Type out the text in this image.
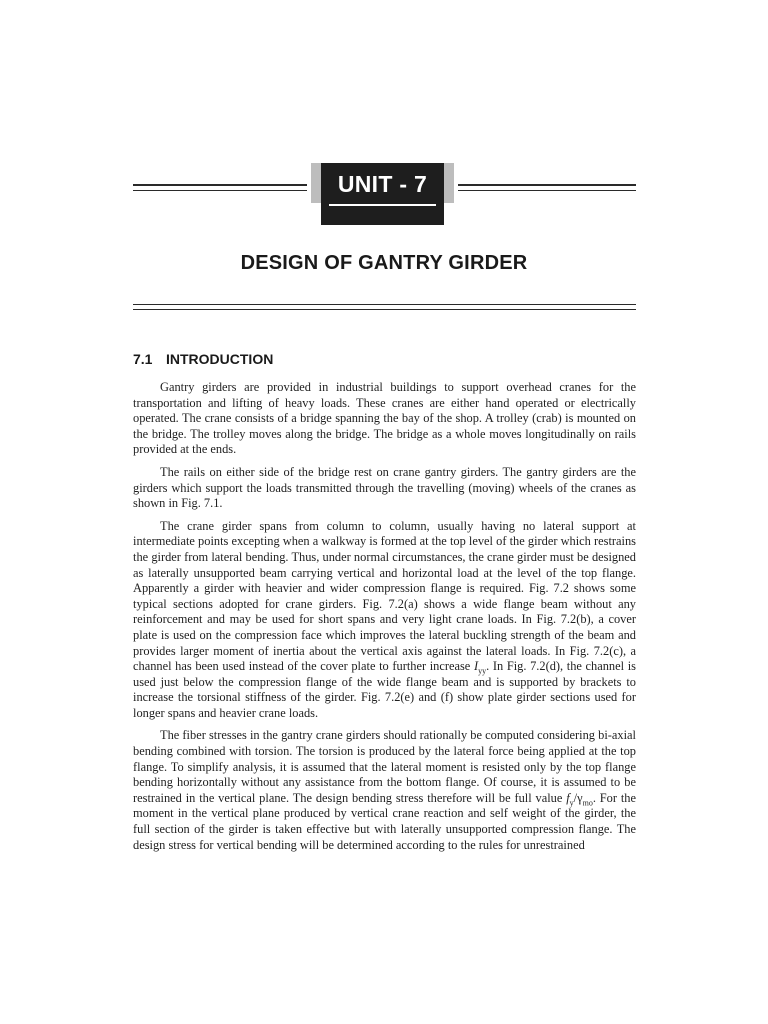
UNIT - 7
DESIGN OF GANTRY GIRDER
7.1 INTRODUCTION

Gantry girders are provided in industrial buildings to support overhead cranes for the transportation and lifting of heavy loads. These cranes are either hand operated or electrically operated. The crane consists of a bridge spanning the bay of the shop. A trolley (crab) is mounted on the bridge. The trolley moves along the bridge. The bridge as a whole moves longitudinally on rails provided at the ends.

The rails on either side of the bridge rest on crane gantry girders. The gantry girders are the girders which support the loads transmitted through the travelling (moving) wheels of the cranes as shown in Fig. 7.1.

The crane girder spans from column to column, usually having no lateral support at intermediate points excepting when a walkway is formed at the top level of the girder which restrains the girder from lateral bending. Thus, under normal circumstances, the crane girder must be designed as laterally unsupported beam carrying vertical and horizontal load at the level of the top flange. Apparently a girder with heavier and wider compression flange is required. Fig. 7.2 shows some typical sections adopted for crane girders. Fig. 7.2(a) shows a wide flange beam without any reinforcement and may be used for short spans and very light crane loads. In Fig. 7.2(b), a cover plate is used on the compression face which improves the lateral buckling strength of the beam and provides larger moment of inertia about the vertical axis against the lateral loads. In Fig. 7.2(c), a channel has been used instead of the cover plate to further increase $I_{yy}$. In Fig. 7.2(d), the channel is used just below the compression flange of the wide flange beam and is supported by brackets to increase the torsional stiffness of the girder. Fig. 7.2(e) and (f) show plate girder sections used for longer spans and heavier crane loads.

The fiber stresses in the gantry crane girders should rationally be computed considering bi-axial bending combined with torsion. The torsion is produced by the lateral force being applied at the top flange. To simplify analysis, it is assumed that the lateral moment is resisted only by the top flange bending horizontally without any assistance from the bottom flange. Of course, it is assumed to be restrained in the vertical plane. The design bending stress therefore will be full value $f_y/\gamma_{mo}$. For the moment in the vertical plane produced by vertical crane reaction and self weight of the girder, the full section of the girder is taken effective but with laterally unsupported compression flange. The design stress for vertical bending will be determined according to the rules for unrestrained
